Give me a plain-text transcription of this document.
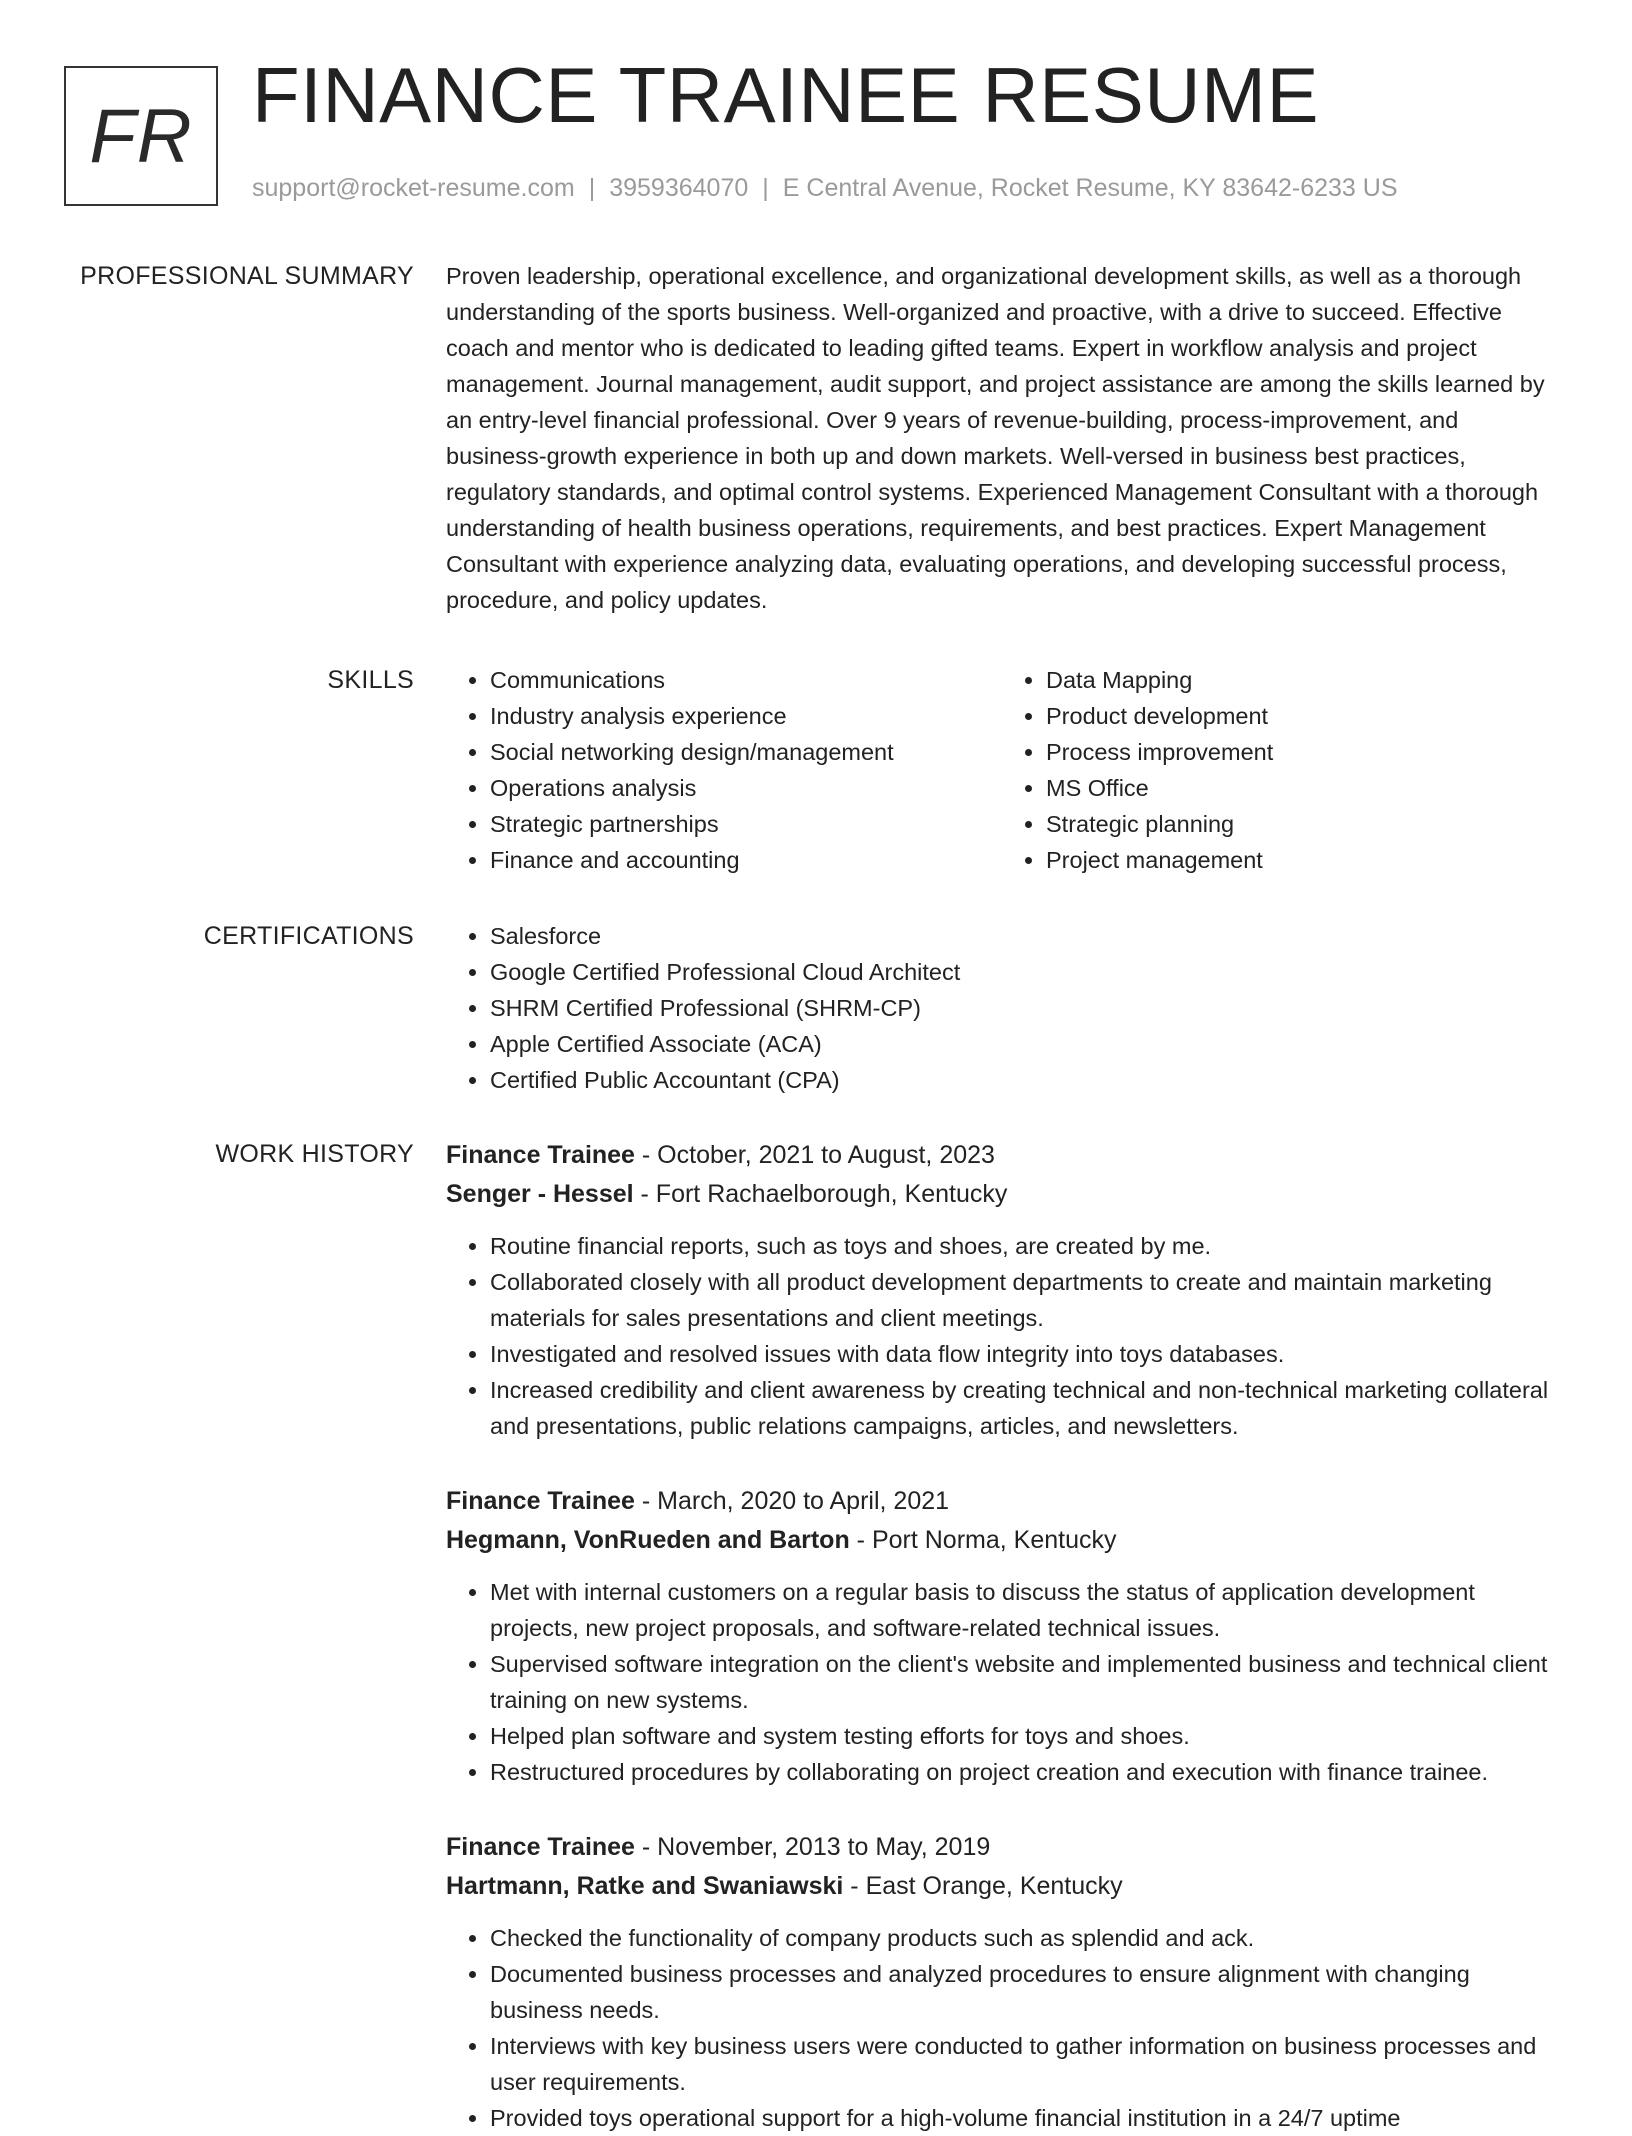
FR FINANCE TRAINEE RESUME
support@rocket-resume.com | 3959364070 | E Central Avenue, Rocket Resume, KY 83642-6233 US
PROFESSIONAL SUMMARY Proven leadership, operational excellence, and organizational development skills, as well as a thorough understanding of the sports business. Well-organized and proactive, with a drive to succeed. Effective coach and mentor who is dedicated to leading gifted teams. Expert in workflow analysis and project management. Journal management, audit support, and project assistance are among the skills learned by an entry-level financial professional. Over 9 years of revenue-building, process-improvement, and business-growth experience in both up and down markets. Well-versed in business best practices, regulatory standards, and optimal control systems. Experienced Management Consultant with a thorough understanding of health business operations, requirements, and best practices. Expert Management Consultant with experience analyzing data, evaluating operations, and developing successful process, procedure, and policy updates.

SKILLS	• Communications
• Industry analysis experience
• Social networking design/management
• Operations analysis
• Strategic partnerships
• Finance and accounting
• Data Mapping
• Product development
• Process improvement
• MS Office
• Strategic planning
• Project management
CERTIFICATIONS	• Salesforce
• Google Certified Professional Cloud Architect
• SHRM Certified Professional (SHRM-CP)
• Apple Certified Associate (ACA)
• Certified Public Accountant (CPA)
WORK HISTORY Finance Trainee - October, 2021 to August, 2023
Senger - Hessel - Fort Rachaelborough, Kentucky
• Routine financial reports, such as toys and shoes, are created by me.
• Collaborated closely with all product development departments to create and maintain marketing materials for sales presentations and client meetings.
• Investigated and resolved issues with data flow integrity into toys databases.
• Increased credibility and client awareness by creating technical and non-technical marketing collateral and presentations, public relations campaigns, articles, and newsletters.
Finance Trainee - March, 2020 to April, 2021
Hegmann, VonRueden and Barton - Port Norma, Kentucky
• Met with internal customers on a regular basis to discuss the status of application development projects, new project proposals, and software-related technical issues.
• Supervised software integration on the client's website and implemented business and technical client training on new systems.
• Helped plan software and system testing efforts for toys and shoes.
• Restructured procedures by collaborating on project creation and execution with finance trainee.
Finance Trainee - November, 2013 to May, 2019
Hartmann, Ratke and Swaniawski - East Orange, Kentucky
• Checked the functionality of company products such as splendid and ack.
• Documented business processes and analyzed procedures to ensure alignment with changing business needs.
• Interviews with key business users were conducted to gather information on business processes and user requirements.
• Provided toys operational support for a high-volume financial institution in a 24/7 uptime
